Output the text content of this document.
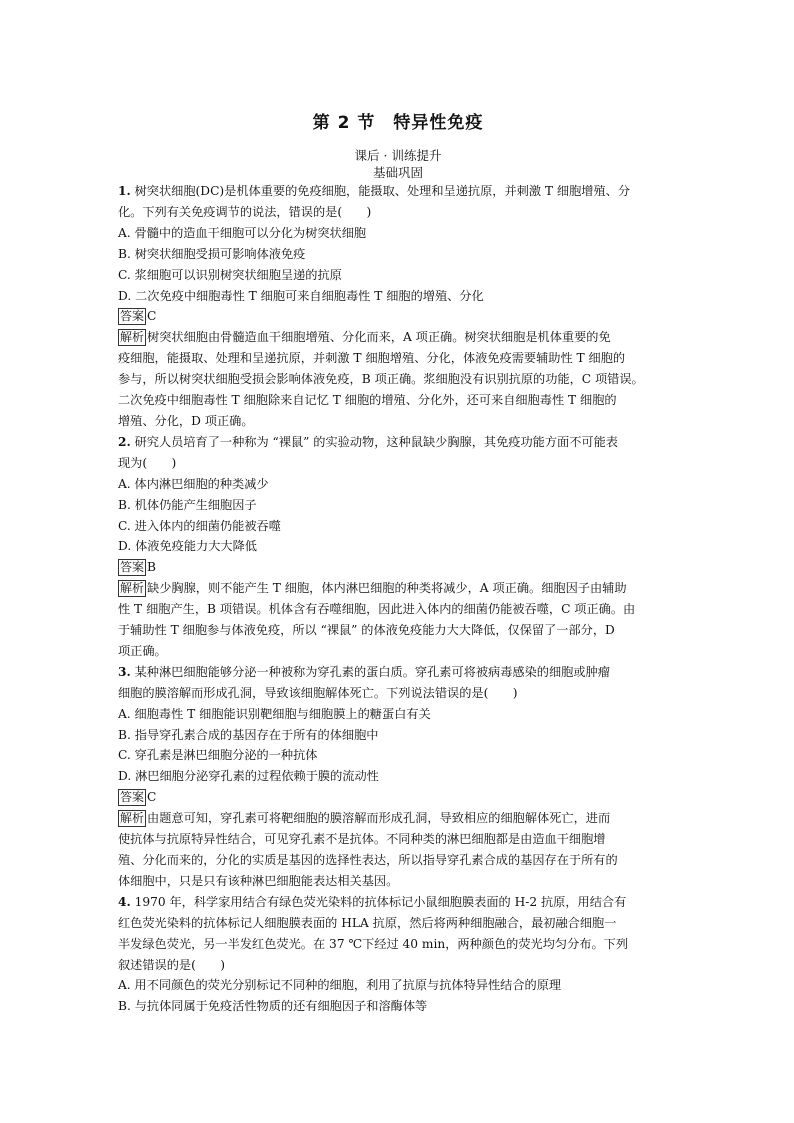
第 2 节　特异性免疫
课后 · 训练提升
基础巩固
1. 树突状细胞(DC)是机体重要的免疫细胞，能摄取、处理和呈递抗原，并刺激 T 细胞增殖、分
化。下列有关免疫调节的说法，错误的是(　　)
A. 骨髓中的造血干细胞可以分化为树突状细胞
B. 树突状细胞受损可影响体液免疫
C. 浆细胞可以识别树突状细胞呈递的抗原
D. 二次免疫中细胞毒性 T 细胞可来自细胞毒性 T 细胞的增殖、分化
答案 C
解析 树突状细胞由骨髓造血干细胞增殖、分化而来，A 项正确。树突状细胞是机体重要的免
疫细胞，能摄取、处理和呈递抗原，并刺激 T 细胞增殖、分化，体液免疫需要辅助性 T 细胞的
参与，所以树突状细胞受损会影响体液免疫，B 项正确。浆细胞没有识别抗原的功能，C 项错误。
二次免疫中细胞毒性 T 细胞除来自记忆 T 细胞的增殖、分化外，还可来自细胞毒性 T 细胞的
增殖、分化，D 项正确。
2. 研究人员培育了一种称为 “裸鼠” 的实验动物，这种鼠缺少胸腺，其免疫功能方面不可能表
现为(　　)
A. 体内淋巴细胞的种类减少
B. 机体仍能产生细胞因子
C. 进入体内的细菌仍能被吞噬
D. 体液免疫能力大大降低
答案 B
解析 缺少胸腺，则不能产生 T 细胞，体内淋巴细胞的种类将减少，A 项正确。细胞因子由辅助
性 T 细胞产生，B 项错误。机体含有吞噬细胞，因此进入体内的细菌仍能被吞噬，C 项正确。由
于辅助性 T 细胞参与体液免疫，所以 “裸鼠” 的体液免疫能力大大降低，仅保留了一部分，D
项正确。
3. 某种淋巴细胞能够分泌一种被称为穿孔素的蛋白质。穿孔素可将被病毒感染的细胞或肿瘤
细胞的膜溶解而形成孔洞，导致该细胞解体死亡。下列说法错误的是(　　)
A. 细胞毒性 T 细胞能识别靶细胞与细胞膜上的糖蛋白有关
B. 指导穿孔素合成的基因存在于所有的体细胞中
C. 穿孔素是淋巴细胞分泌的一种抗体
D. 淋巴细胞分泌穿孔素的过程依赖于膜的流动性
答案 C
解析 由题意可知，穿孔素可将靶细胞的膜溶解而形成孔洞，导致相应的细胞解体死亡，进而
使抗体与抗原特异性结合，可见穿孔素不是抗体。不同种类的淋巴细胞都是由造血干细胞增
殖、分化而来的，分化的实质是基因的选择性表达，所以指导穿孔素合成的基因存在于所有的
体细胞中，只是只有该种淋巴细胞能表达相关基因。
4. 1970 年，科学家用结合有绿色荧光染料的抗体标记小鼠细胞膜表面的 H-2 抗原，用结合有
红色荧光染料的抗体标记人细胞膜表面的 HLA 抗原，然后将两种细胞融合，最初融合细胞一
半发绿色荧光，另一半发红色荧光。在 37 ℃下经过 40 min，两种颜色的荧光均匀分布。下列
叙述错误的是(　　)
A. 用不同颜色的荧光分别标记不同种的细胞，利用了抗原与抗体特异性结合的原理
B. 与抗体同属于免疫活性物质的还有细胞因子和溶酶体等
